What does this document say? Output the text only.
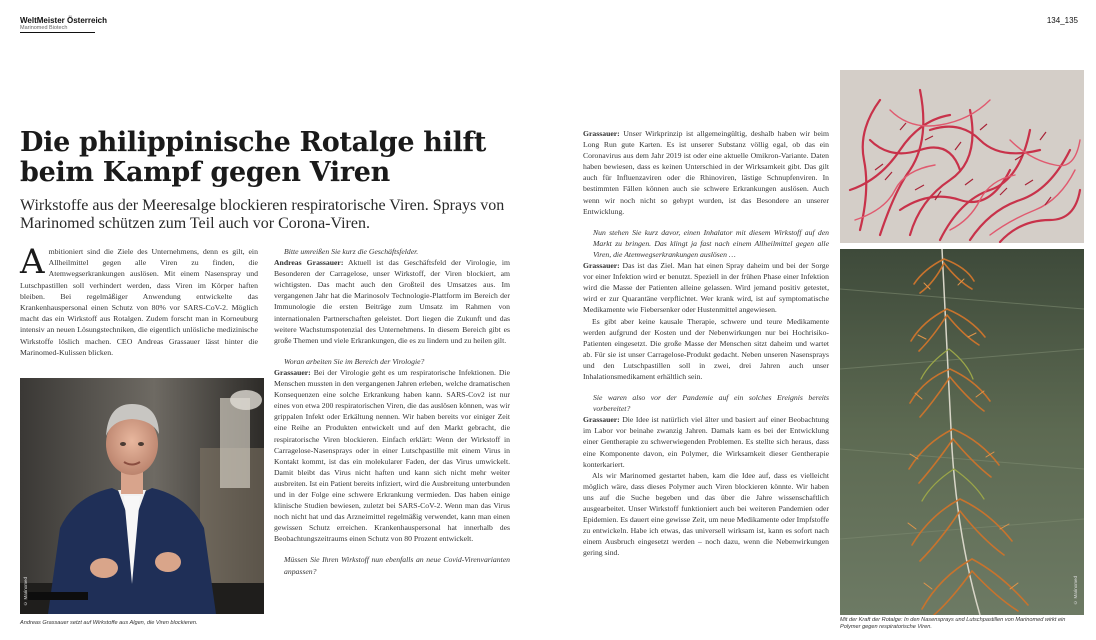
WeltMeister Österreich
Marinomed Biotech
134_135
Die philippinische Rotalge hilft beim Kampf gegen Viren
Wirkstoffe aus der Meeresalge blockieren respiratorische Viren. Sprays von Marinomed schützen zum Teil auch vor Corona-Viren.
A mbitioniert sind die Ziele des Unternehmens, denn es gilt, ein Allheilmittel gegen alle Viren zu finden, die Atemwegserkrankungen auslösen. Mit einem Nasenspray und Lutschpastillen soll verhindert werden, dass Viren im Körper haften bleiben. Bei regelmäßiger Anwendung entwickelte das Krankenhauspersonal einen Schutz von 80% vor SARS-CoV-2. Möglich macht das ein Wirkstoff aus Rotalgen. Zudem forscht man in Korneuburg intensiv an neuen Lösungstechniken, die eigentlich unlösliche medizinische Wirkstoffe löslich machen. CEO Andreas Grassauer lässt hinter die Marinomed-Kulissen blicken.
© Marinomed
Andreas Grassauer setzt auf Wirkstoffe aus Algen, die Viren blockieren.

Bitte umreißen Sie kurz die Geschäftsfelder.

Andreas Grassauer: Aktuell ist das Geschäftsfeld der Virologie, im Besonderen der Carragelose, unser Wirkstoff, der Viren blockiert, am wichtigsten. Das macht auch den Großteil des Umsatzes aus. Im vergangenen Jahr hat die Marinosolv Technologie-Plattform im Bereich der Immunologie die ersten Beiträge zum Umsatz im Rahmen von internationalen Partnerschaften geleistet. Dort liegen die Zukunft und das weitere Wachstumspotenzial des Unternehmens. In diesem Bereich gibt es große Themen und viele Erkrankungen, die es zu lindern und zu heilen gilt.

Woran arbeiten Sie im Bereich der Virologie?

Grassauer: Bei der Virologie geht es um respiratorische Infektionen. Die Menschen mussten in den vergangenen Jahren erleben, welche dramatischen Konsequenzen eine solche Erkrankung haben kann. SARS-Cov2 ist nur eines von etwa 200 respiratorischen Viren, die das auslösen können, was wir grippalen Infekt oder Erkältung nennen. Wir haben bereits vor einiger Zeit eine Reihe an Produkten entwickelt und auf den Markt gebracht, die respiratorische Viren blockieren. Einfach erklärt: Wenn der Wirkstoff in Carragelose-Nasensprays oder in einer Lutschpastille mit einem Virus in Kontakt kommt, ist das ein molekularer Faden, der das Virus umwickelt. Damit bleibt das Virus nicht haften und kann sich nicht mehr weiter ausbreiten. Ist ein Patient bereits infiziert, wird die Ausbreitung unterbunden und in der Folge eine schwere Erkrankung vermieden. Das haben einige klinische Studien bewiesen, zuletzt bei SARS-CoV-2. Wenn man das Virus noch nicht hat und das Arzneimittel regelmäßig verwendet, kann man einen gewissen Schutz erreichen. Krankenhauspersonal hat innerhalb des Beobachtungszeitraums einen Schutz von 80 Prozent entwickelt.

Müssen Sie Ihren Wirkstoff nun ebenfalls an neue Covid-Virenvarianten anpassen?

Grassauer: Unser Wirkprinzip ist allgemeingültig, deshalb haben wir beim Long Run gute Karten. Es ist unserer Substanz völlig egal, ob das ein Coronavirus aus dem Jahr 2019 ist oder eine aktuelle Omikron-Variante. Daten haben bewiesen, dass es keinen Unterschied in der Wirksamkeit gibt. Das gilt auch für Influenzaviren oder die Rhinoviren, lästige Schnupfenviren. In bestimmten Fällen können auch sie schwere Erkrankungen auslösen. Auch wenn wir noch nicht so gehypt wurden, ist das Besondere an unserer Entwicklung.

Nun stehen Sie kurz davor, einen Inhalator mit diesem Wirkstoff auf den Markt zu bringen. Das klingt ja fast nach einem Allheilmittel gegen alle Viren, die Atemwegserkrankungen auslösen …

Grassauer: Das ist das Ziel. Man hat einen Spray daheim und bei der Sorge vor einer Infektion wird er benutzt. Speziell in der frühen Phase einer Infektion wird die Masse der Patienten alleine gelassen. Wird jemand positiv getestet, wird er zur Quarantäne verpflichtet. Wer krank wird, ist auf symptomatische Medikamente wie Fiebersenker oder Hustenmittel angewiesen.

Es gibt aber keine kausale Therapie, schwere und teure Medikamente werden aufgrund der Kosten und der Nebenwirkungen nur bei Hochrisiko-Patienten eingesetzt. Die große Masse der Menschen sitzt daheim und wartet ab. Für sie ist unser Carragelose-Produkt gedacht. Neben unseren Nasensprays und den Lutschpastillen soll in zwei, drei Jahren auch unser Inhalationsmedikament erhältlich sein.

Sie waren also vor der Pandemie auf ein solches Ereignis bereits vorbereitet?

Grassauer: Die Idee ist natürlich viel älter und basiert auf einer Beobachtung im Labor vor beinahe zwanzig Jahren. Damals kam es bei der Entwicklung einer Gentherapie zu schwerwiegenden Problemen. Es stellte sich heraus, dass eine Komponente davon, ein Polymer, die Wirksamkeit dieser Gentherapie konterkariert.

Als wir Marinomed gestartet haben, kam die Idee auf, dass es vielleicht möglich wäre, dass dieses Polymer auch Viren blockieren könnte. Wir haben uns auf die Suche begeben und das über die Jahre wissenschaftlich ausgearbeitet. Unser Wirkstoff funktioniert auch bei weiteren Pandemien oder Epidemien. Es dauert eine gewisse Zeit, um neue Medikamente oder Impfstoffe zu entwickeln. Habe ich etwas, das universell wirksam ist, kann es sofort nach einem Ausbruch eingesetzt werden – noch dazu, wenn die Nebenwirkungen gering sind.

© Marinomed
Mit der Kraft der Rotalge: In den Nasensprays und Lutschpastillen von Marinomed wirkt ein Polymer gegen respiratorische Viren.
